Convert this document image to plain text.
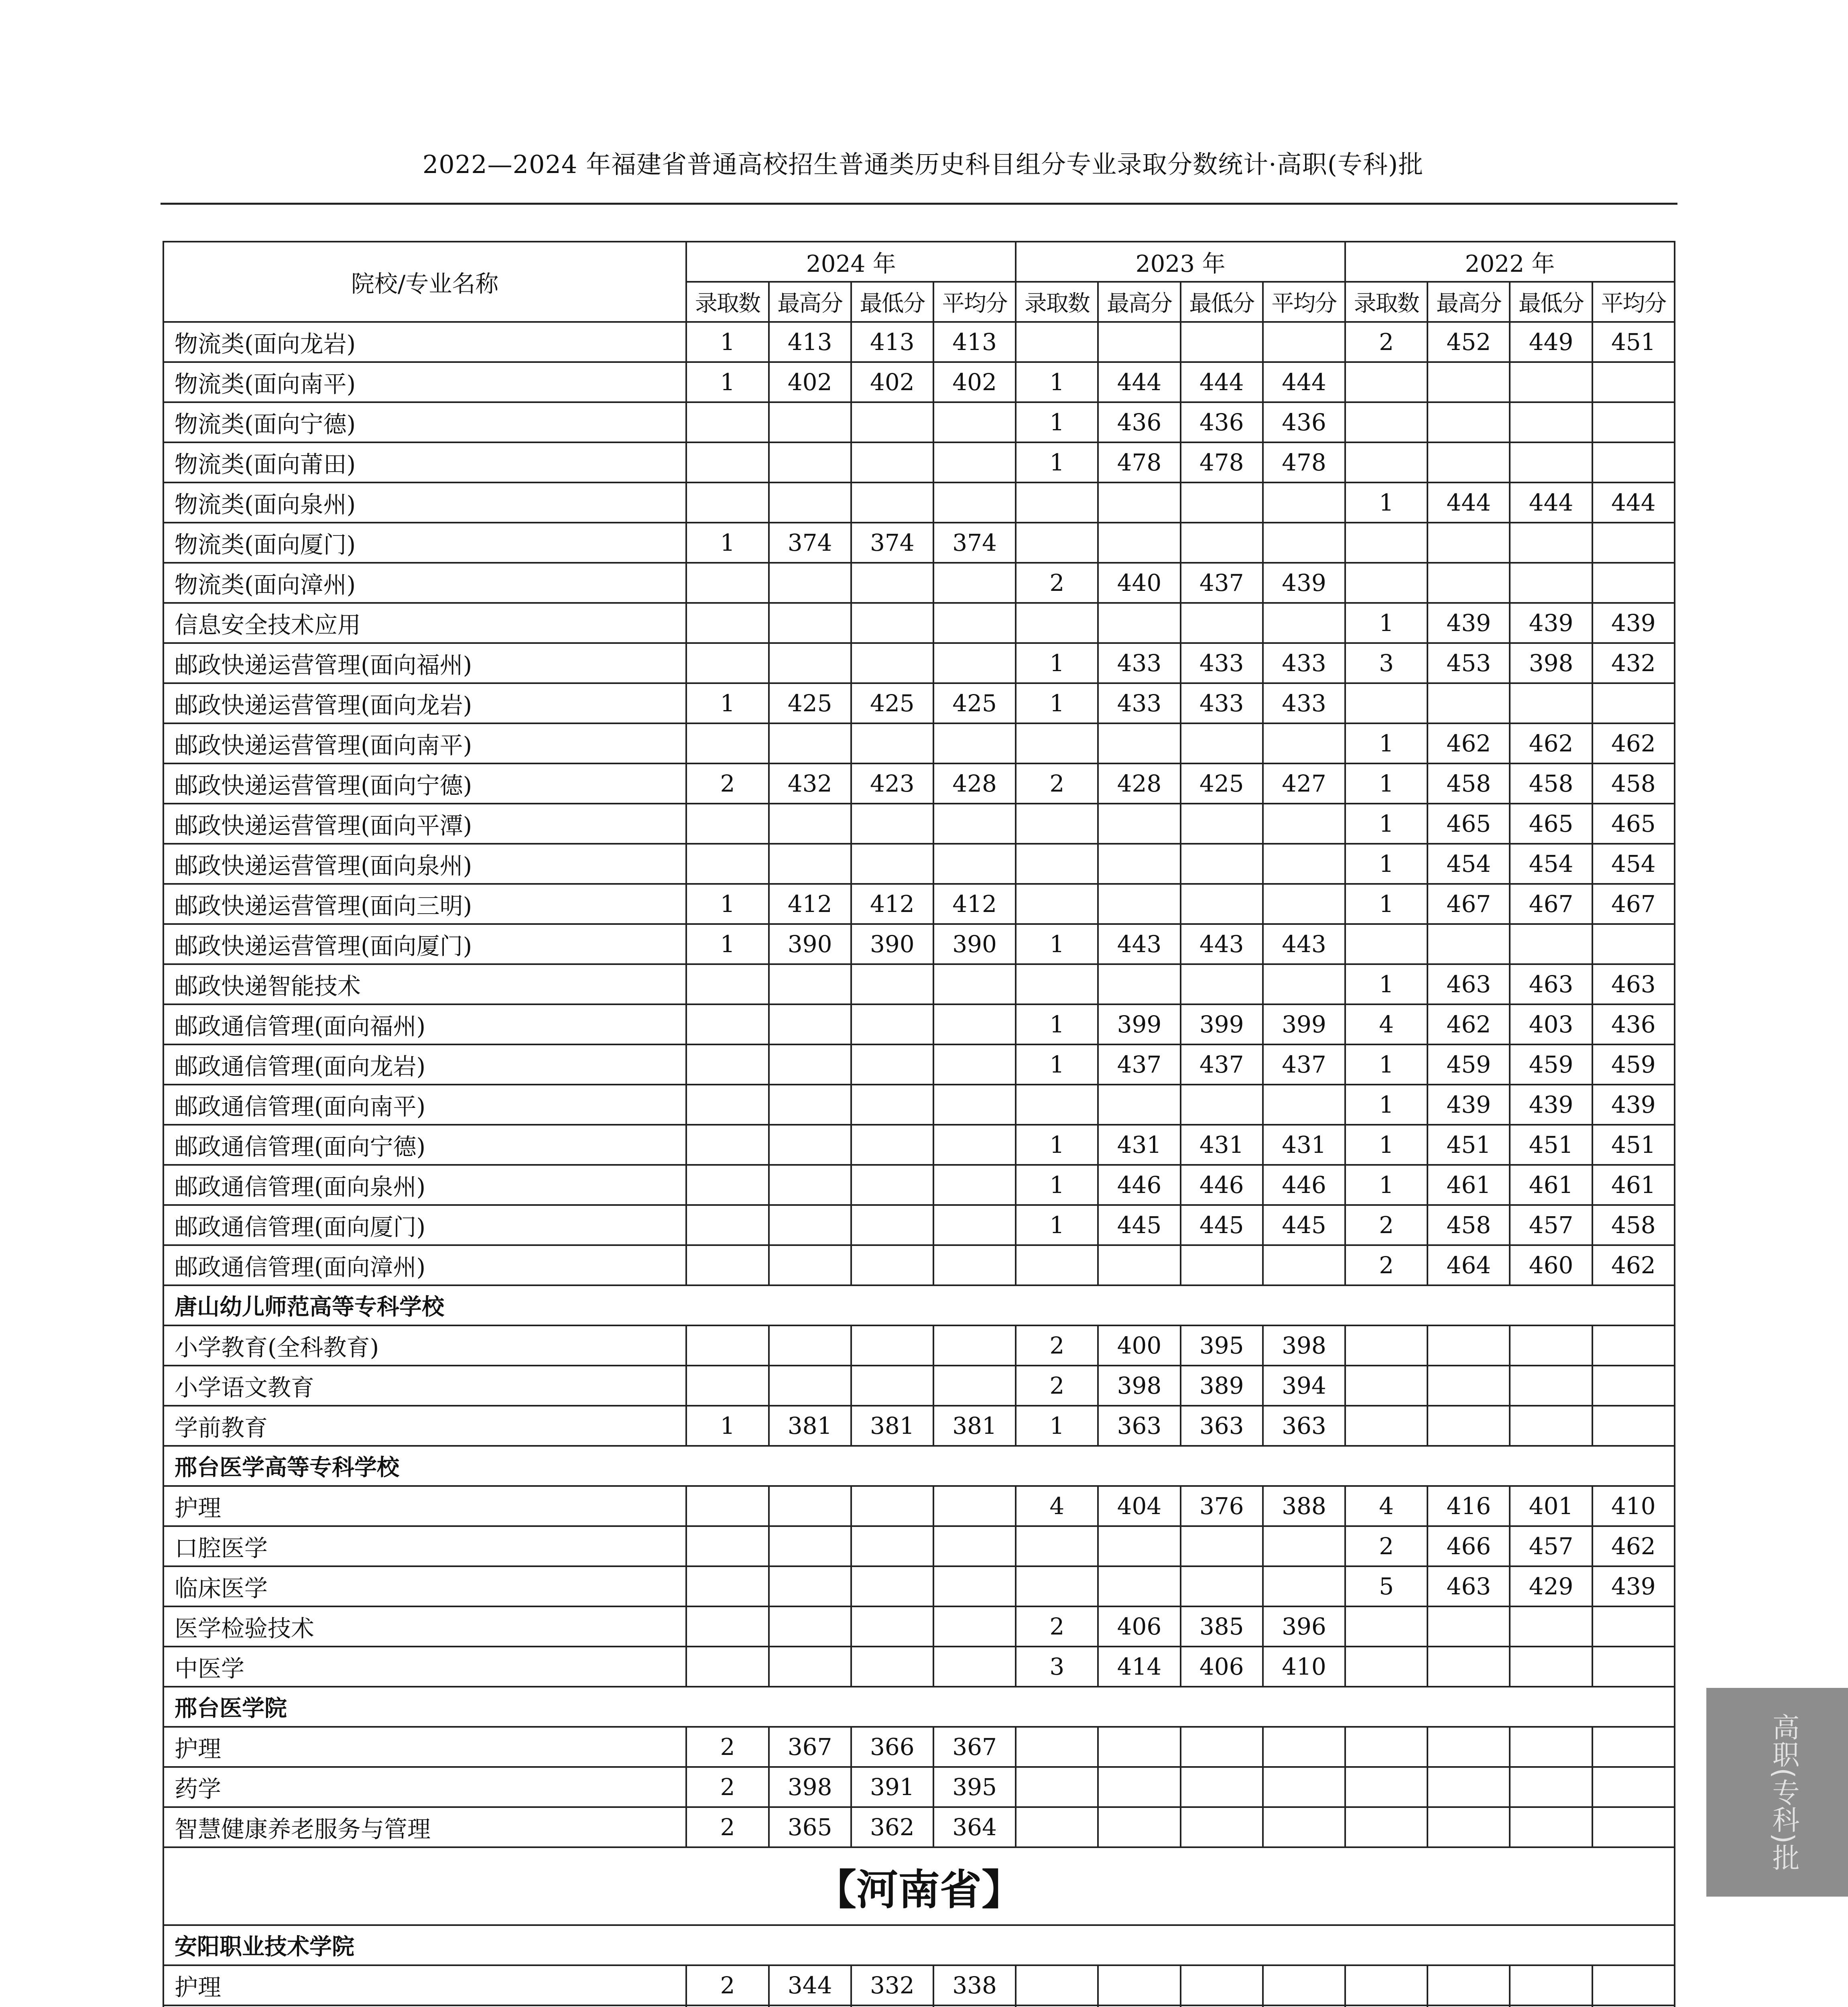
2022—2024 年福建省普通高校招生普通类历史科目组分专业录取分数统计·高职(专科)批
院校/专业名称	2024 年				2023 年				2022 年			
	录取数	最高分	最低分	平均分	录取数	最高分	最低分	平均分	录取数	最高分	最低分	平均分
物流类(面向龙岩)	1	413	413	413					2	452	449	451
物流类(面向南平)	1	402	402	402	1	444	444	444				
物流类(面向宁德)					1	436	436	436				
物流类(面向莆田)					1	478	478	478				
物流类(面向泉州)									1	444	444	444
物流类(面向厦门)	1	374	374	374								
物流类(面向漳州)					2	440	437	439				
信息安全技术应用									1	439	439	439
邮政快递运营管理(面向福州)					1	433	433	433	3	453	398	432
邮政快递运营管理(面向龙岩)	1	425	425	425	1	433	433	433				
邮政快递运营管理(面向南平)									1	462	462	462
邮政快递运营管理(面向宁德)	2	432	423	428	2	428	425	427	1	458	458	458
邮政快递运营管理(面向平潭)									1	465	465	465
邮政快递运营管理(面向泉州)									1	454	454	454
邮政快递运营管理(面向三明)	1	412	412	412					1	467	467	467
邮政快递运营管理(面向厦门)	1	390	390	390	1	443	443	443				
邮政快递智能技术									1	463	463	463
邮政通信管理(面向福州)					1	399	399	399	4	462	403	436
邮政通信管理(面向龙岩)					1	437	437	437	1	459	459	459
邮政通信管理(面向南平)									1	439	439	439
邮政通信管理(面向宁德)					1	431	431	431	1	451	451	451
邮政通信管理(面向泉州)					1	446	446	446	1	461	461	461
邮政通信管理(面向厦门)					1	445	445	445	2	458	457	458
邮政通信管理(面向漳州)									2	464	460	462
唐山幼儿师范高等专科学校												
小学教育(全科教育)					2	400	395	398				
小学语文教育					2	398	389	394				
学前教育	1	381	381	381	1	363	363	363				
邢台医学高等专科学校												
护理					4	404	376	388	4	416	401	410
口腔医学									2	466	457	462
临床医学									5	463	429	439
医学检验技术					2	406	385	396				
中医学					3	414	406	410				
邢台医学院												
护理	2	367	366	367								
药学	2	398	391	395								
智慧健康养老服务与管理	2	365	362	364								
【河南省】												
安阳职业技术学院												
护理	2	344	332	338								

高职(专科)批
